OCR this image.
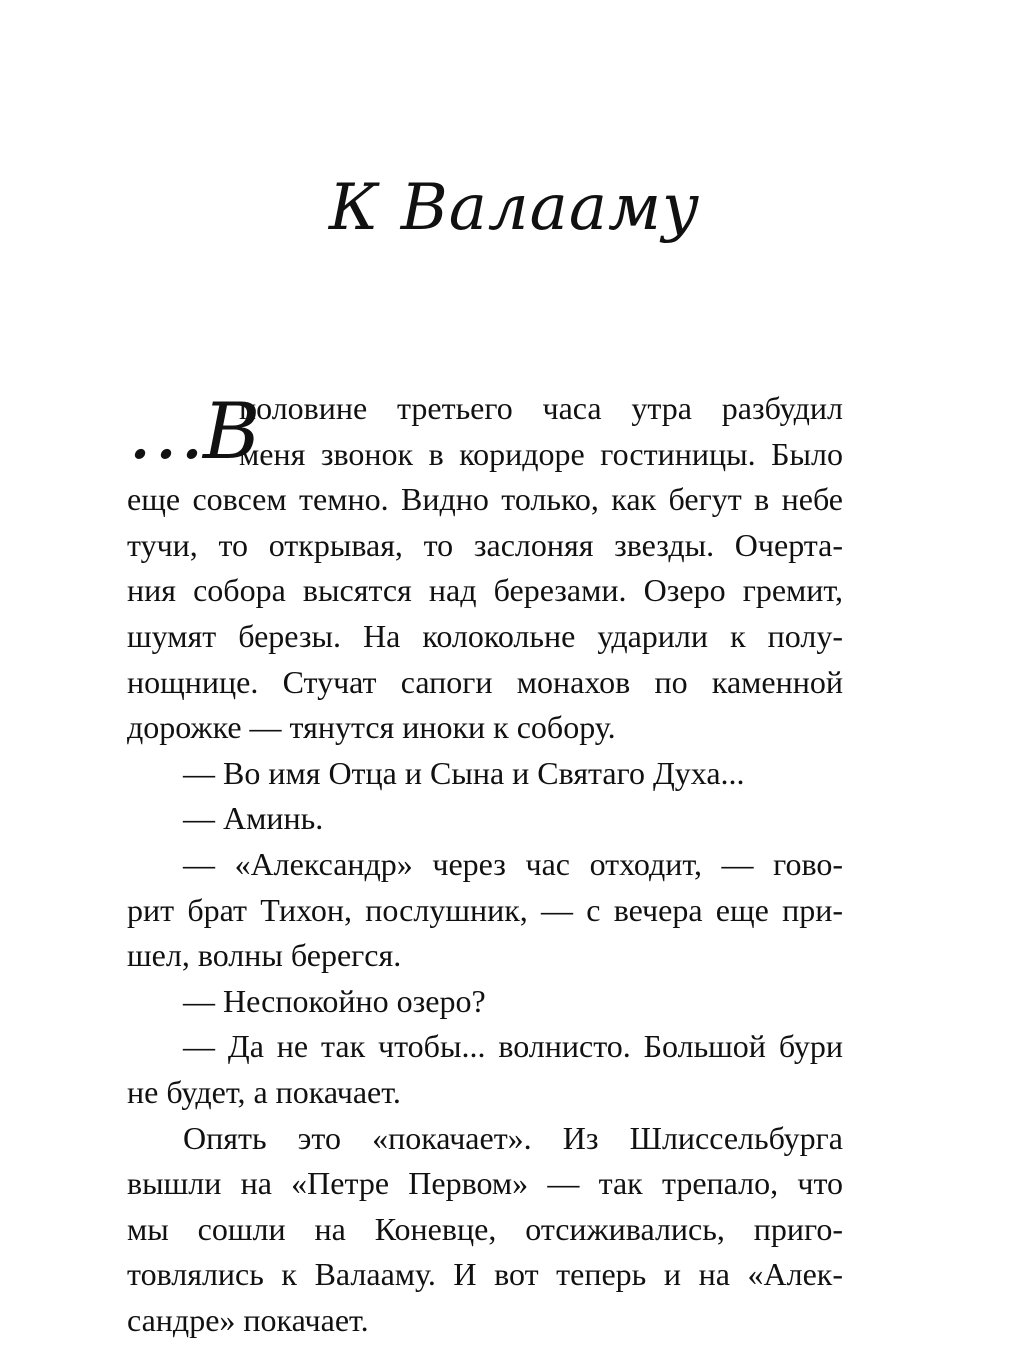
К Валааму
…В
половине третьего часа утра разбудил
меня звонок в коридоре гостиницы. Было
еще совсем темно. Видно только, как бегут в небе
тучи, то открывая, то заслоняя звезды. Очерта-
ния собора высятся над березами. Озеро гремит,
шумят березы. На колокольне ударили к полу-
нощнице. Стучат сапоги монахов по каменной
дорожке — тянутся иноки к собору.
— Во имя Отца и Сына и Святаго Духа...
— Аминь.
— «Александр» через час отходит, — гово-
рит брат Тихон, послушник, — с вечера еще при-
шел, волны берегся.
— Неспокойно озеро?
— Да не так чтобы... волнисто. Большой бури
не будет, а покачает.
Опять это «покачает». Из Шлиссельбурга
вышли на «Петре Первом» — так трепало, что
мы сошли на Коневце, отсиживались, приго-
товлялись к Валааму. И вот теперь и на «Алек-
сандре» покачает.
